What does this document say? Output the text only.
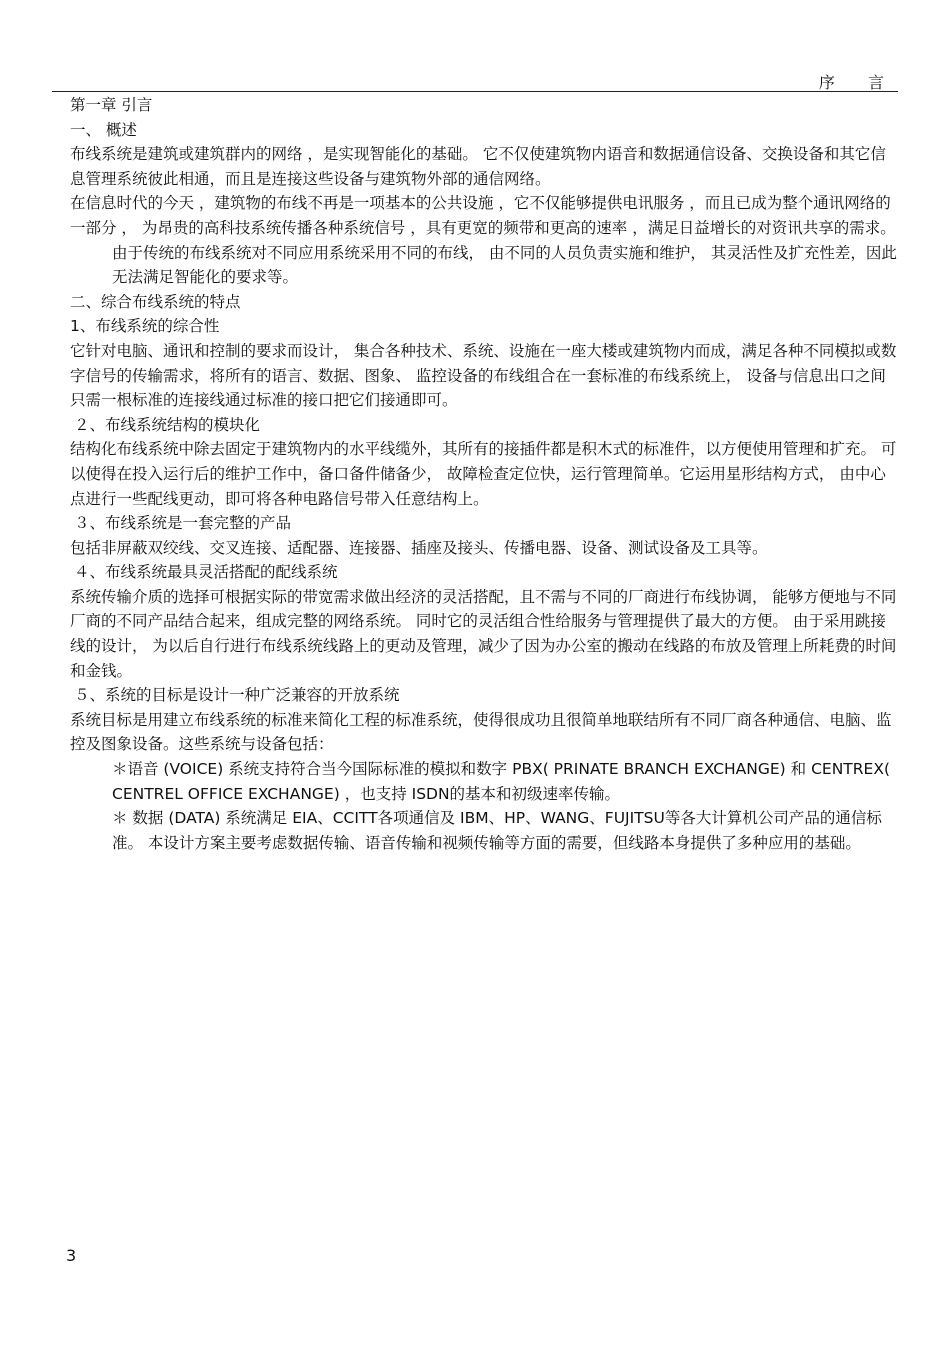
序 言

第一章 引言

一、 概述

布线系统是建筑或建筑群内的网络 ，是实现智能化的基础。 它不仅使建筑物内语音和数据通信设备、交换设备和其它信息管理系统彼此相通，而且是连接这些设备与建筑物外部的通信网络。

在信息时代的今天 ，建筑物的布线不再是一项基本的公共设施 ，它不仅能够提供电讯服务 ，而且已成为整个通讯网络的一部分 ， 为昂贵的高科技系统传播各种系统信号 ，具有更宽的频带和更高的速率 ，满足日益增长的对资讯共享的需求。

由于传统的布线系统对不同应用系统采用不同的布线， 由不同的人员负责实施和维护， 其灵活性及扩充性差，因此无法满足智能化的要求等。

二、综合布线系统的特点

1、布线系统的综合性

它针对电脑、通讯和控制的要求而设计， 集合各种技术、系统、设施在一座大楼或建筑物内而成，满足各种不同模拟或数字信号的传输需求，将所有的语言、数据、图象、 监控设备的布线组合在一套标准的布线系统上， 设备与信息出口之间只需一根标准的连接线通过标准的接口把它们接通即可。

２、布线系统结构的模块化

结构化布线系统中除去固定于建筑物内的水平线缆外，其所有的接插件都是积木式的标准件，以方便使用管理和扩充。 可以使得在投入运行后的维护工作中，备口备件储备少， 故障检查定位快，运行管理简单。它运用星形结构方式， 由中心点进行一些配线更动，即可将各种电路信号带入任意结构上。

３、布线系统是一套完整的产品

包括非屏蔽双绞线、交叉连接、适配器、连接器、插座及接头、传播电器、设备、测试设备及工具等。

４、布线系统最具灵活搭配的配线系统

系统传输介质的选择可根据实际的带宽需求做出经济的灵活搭配，且不需与不同的厂商进行布线协调， 能够方便地与不同厂商的不同产品结合起来，组成完整的网络系统。 同时它的灵活组合性给服务与管理提供了最大的方便。 由于采用跳接线的设计， 为以后自行进行布线系统线路上的更动及管理，减少了因为办公室的搬动在线路的布放及管理上所耗费的时间和金钱。

５、系统的目标是设计一种广泛兼容的开放系统

系统目标是用建立布线系统的标准来简化工程的标准系统，使得很成功且很简单地联结所有不同厂商各种通信、电脑、监控及图象设备。这些系统与设备包括：

＊语音 (VOICE) 系统支持符合当今国际标准的模拟和数字 PBX( PRINATE BRANCH EXCHANGE) 和 CENTREX( CENTREL OFFICE EXCHANGE) ，也支持 ISDN的基本和初级速率传输。

＊ 数据 (DATA) 系统满足 EIA、CCITT各项通信及 IBM、HP、WANG、FUJITSU等各大计算机公司产品的通信标准。 本设计方案主要考虑数据传输、语音传输和视频传输等方面的需要，但线路本身提供了多种应用的基础。

3
